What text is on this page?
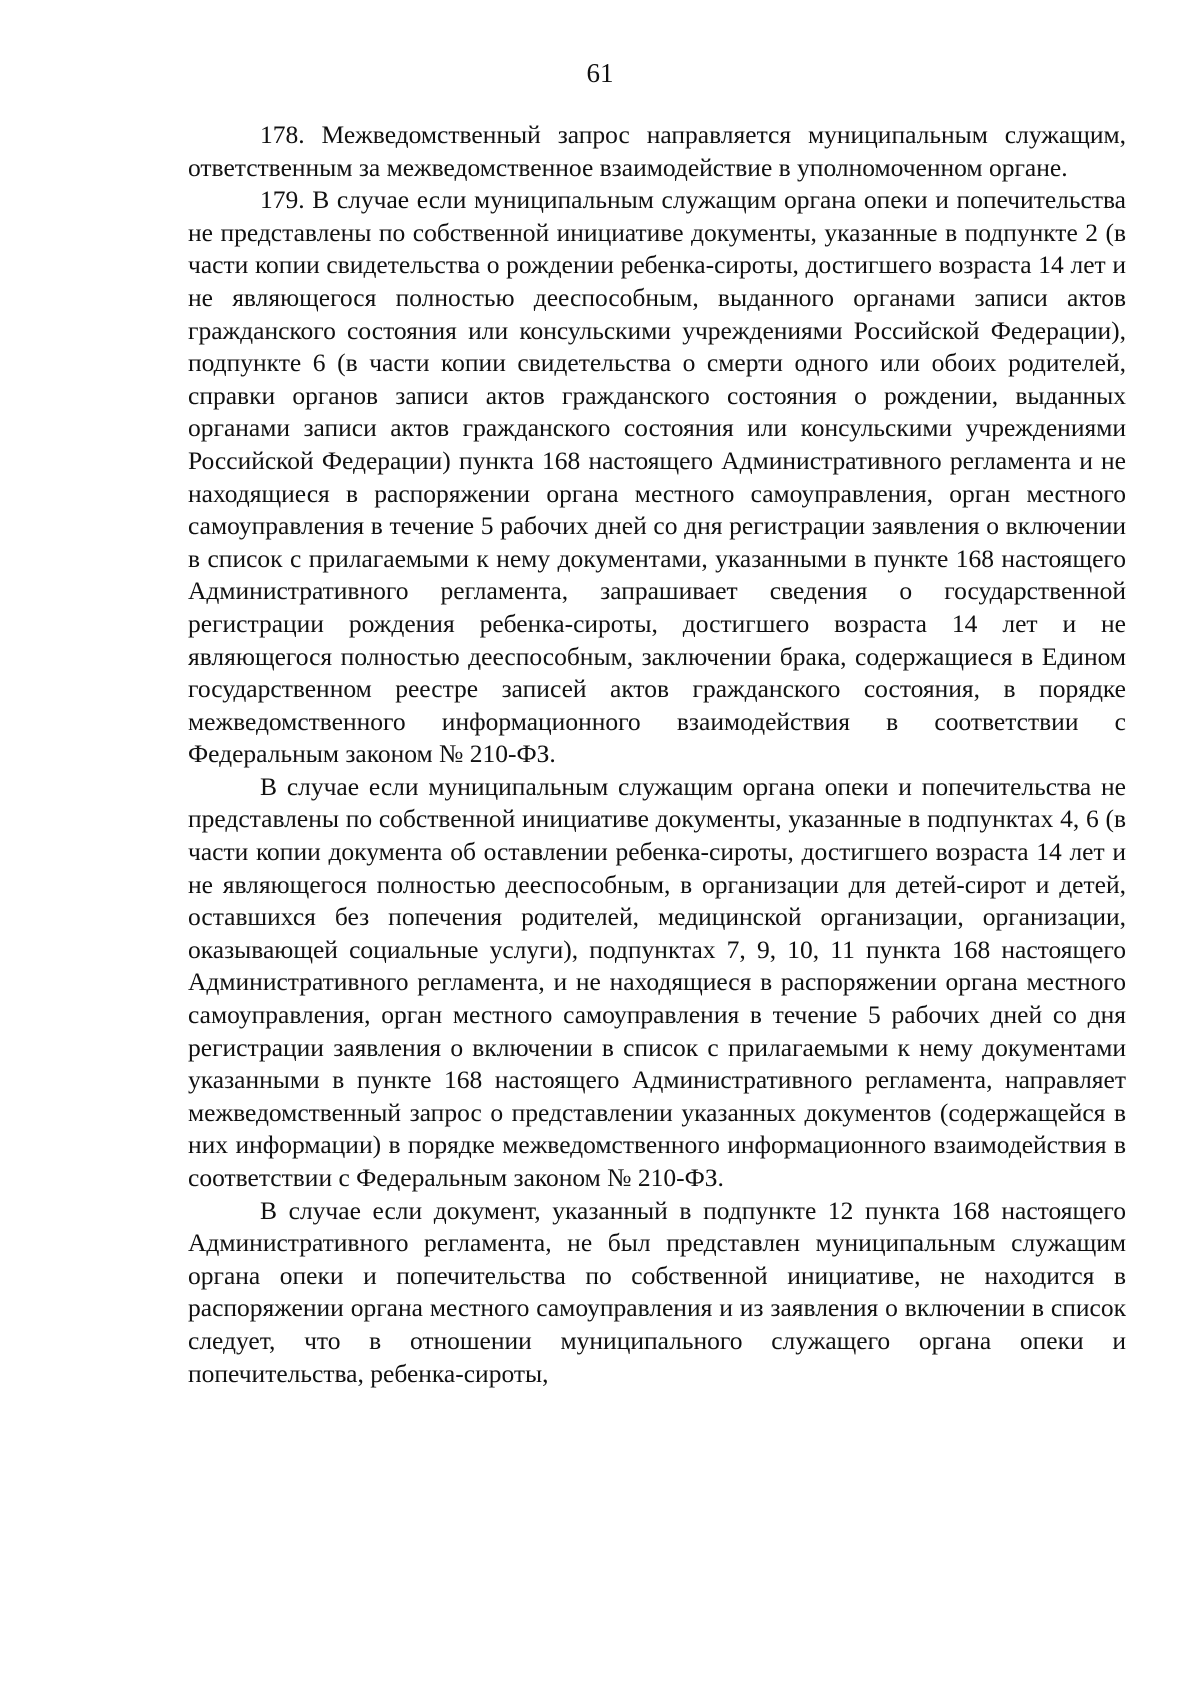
61

178. Межведомственный запрос направляется муниципальным служащим, ответственным за межведомственное взаимодействие в уполномоченном органе.

179. В случае если муниципальным служащим органа опеки и попечительства не представлены по собственной инициативе документы, указанные в подпункте 2 (в части копии свидетельства о рождении ребенка-сироты, достигшего возраста 14 лет и не являющегося полностью дееспособным, выданного органами записи актов гражданского состояния или консульскими учреждениями Российской Федерации), подпункте 6 (в части копии свидетельства о смерти одного или обоих родителей, справки органов записи актов гражданского состояния о рождении, выданных органами записи актов гражданского состояния или консульскими учреждениями Российской Федерации) пункта 168 настоящего Административного регламента и не находящиеся в распоряжении органа местного самоуправления, орган местного самоуправления в течение 5 рабочих дней со дня регистрации заявления о включении в список с прилагаемыми к нему документами, указанными в пункте 168 настоящего Административного регламента, запрашивает сведения о государственной регистрации рождения ребенка-сироты, достигшего возраста 14 лет и не являющегося полностью дееспособным, заключении брака, содержащиеся в Едином государственном реестре записей актов гражданского состояния, в порядке межведомственного информационного взаимодействия в соответствии с Федеральным законом № 210-ФЗ.

В случае если муниципальным служащим органа опеки и попечительства не представлены по собственной инициативе документы, указанные в подпунктах 4, 6 (в части копии документа об оставлении ребенка-сироты, достигшего возраста 14 лет и не являющегося полностью дееспособным, в организации для детей-сирот и детей, оставшихся без попечения родителей, медицинской организации, организации, оказывающей социальные услуги), подпунктах 7, 9, 10, 11 пункта 168 настоящего Административного регламента, и не находящиеся в распоряжении органа местного самоуправления, орган местного самоуправления в течение 5 рабочих дней со дня регистрации заявления о включении в список с прилагаемыми к нему документами указанными в пункте 168 настоящего Административного регламента, направляет межведомственный запрос о представлении указанных документов (содержащейся в них информации) в порядке межведомственного информационного взаимодействия в соответствии с Федеральным законом № 210-ФЗ.

В случае если документ, указанный в подпункте 12 пункта 168 настоящего Административного регламента, не был представлен муниципальным служащим органа опеки и попечительства по собственной инициативе, не находится в распоряжении органа местного самоуправления и из заявления о включении в список следует, что в отношении муниципального служащего органа опеки и попечительства, ребенка-сироты,
